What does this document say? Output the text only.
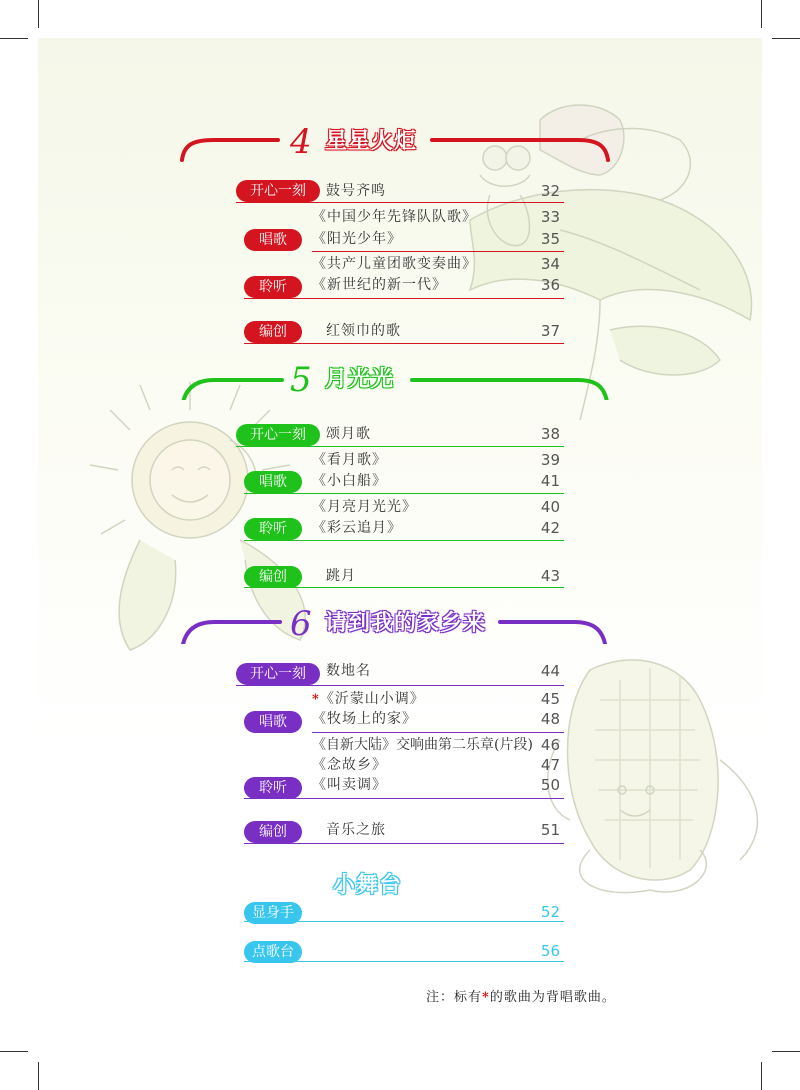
4 星星火炬
开心一刻	鼓号齐鸣	32
《中国少年先锋队队歌》	33
唱歌	《阳光少年》	35
《共产儿童团歌变奏曲》	34
聆听	《新世纪的新一代》	36
编创	红领巾的歌	37
5 月光光
开心一刻	颂月歌	38
《看月歌》	39
唱歌	《小白船》	41
《月亮月光光》	40
聆听	《彩云追月》	42
编创	跳月	43
6 请到我的家乡来
开心一刻	数地名	44
*《沂蒙山小调》	45
唱歌	《牧场上的家》	48
《自新大陆》交响曲第二乐章(片段) 46
《念故乡》	47
聆听	《叫卖调》	50
编创	音乐之旅	51
小舞台
显身手	52
点歌台	56
注：标有*的歌曲为背唱歌曲。
